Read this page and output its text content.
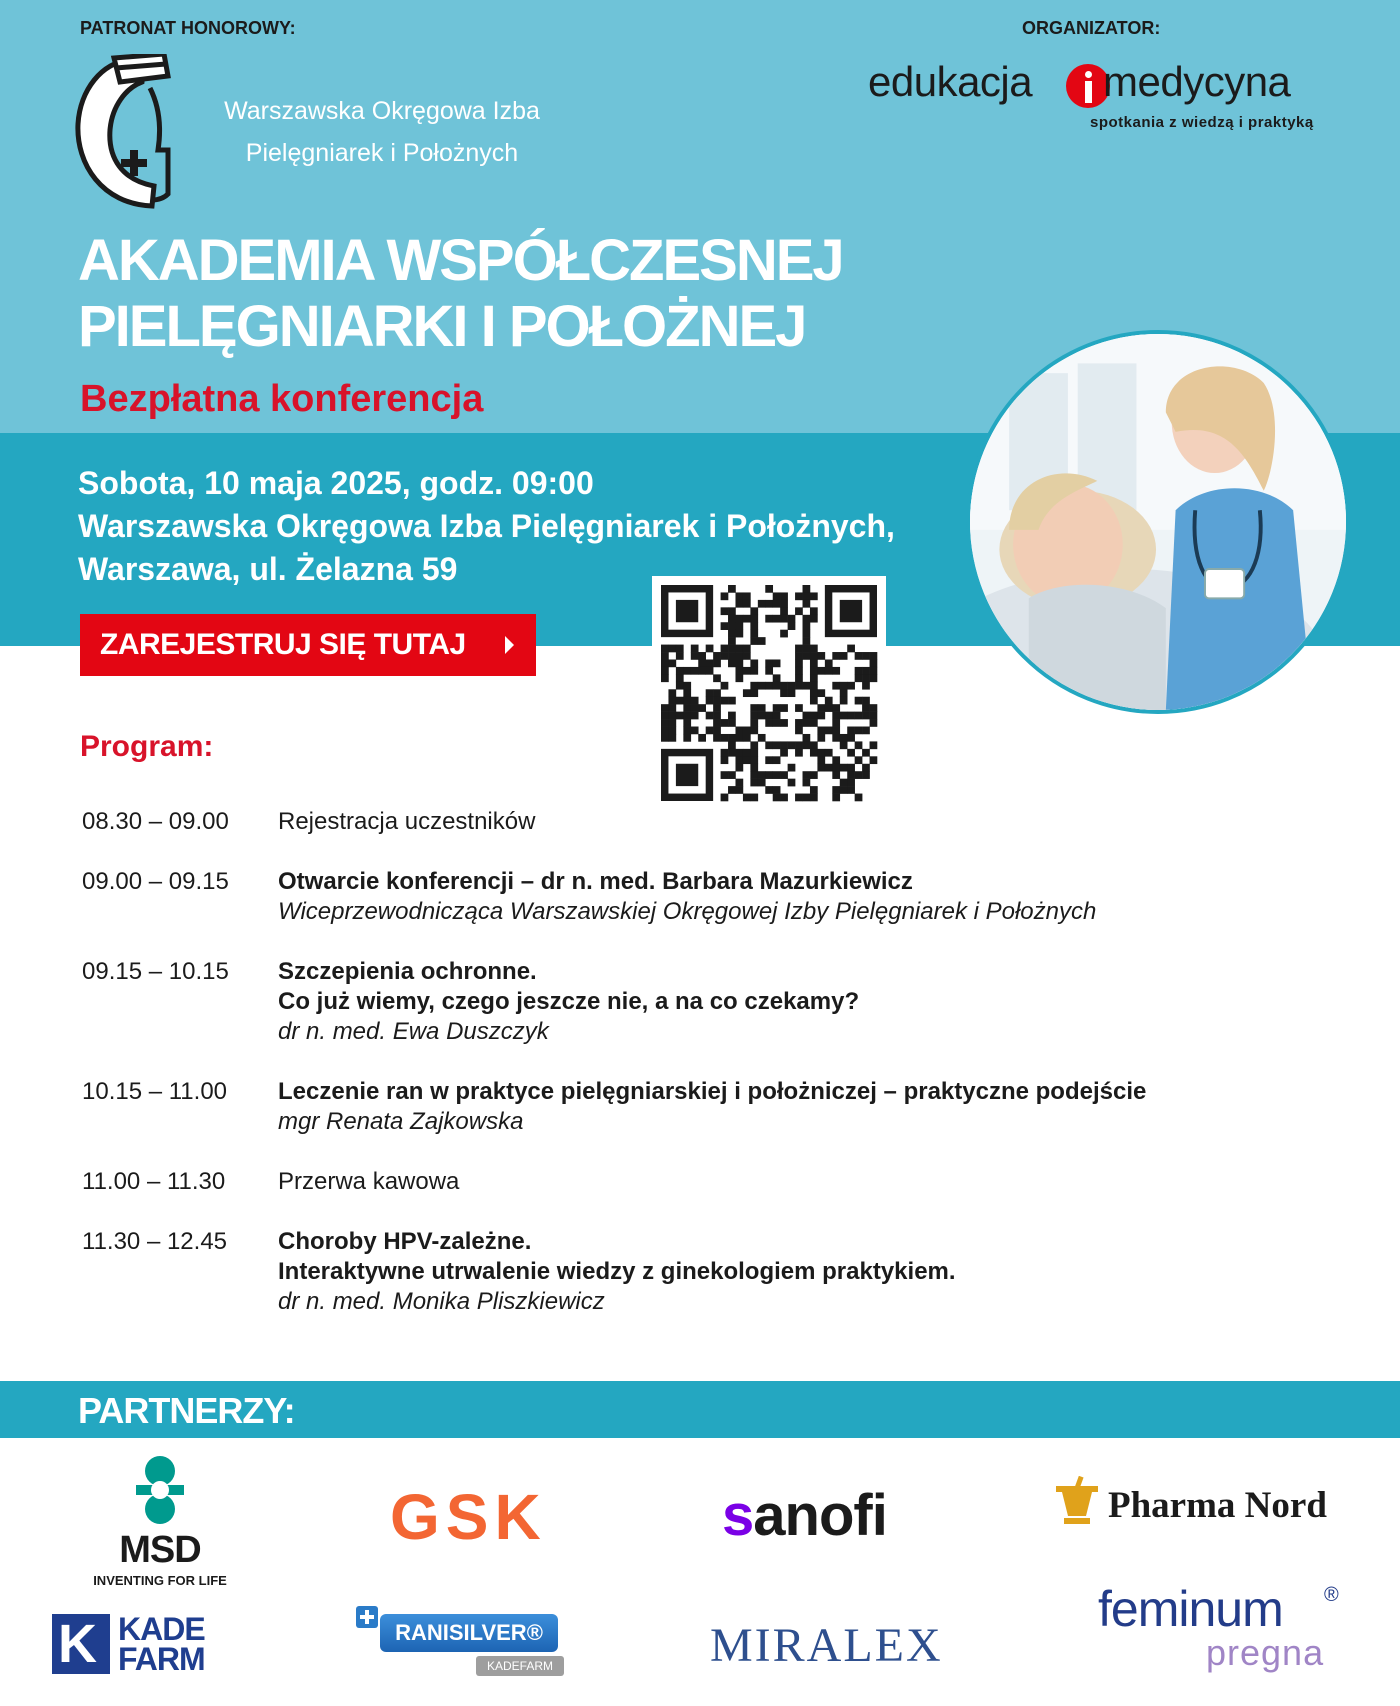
PATRONAT HONOROWY:	ORGANIZATOR:
Warszawska Okręgowa Izba
Pielęgniarek i Położnych
edukacja medycyna
spotkania z wiedzą i praktyką
AKADEMIA WSPÓŁCZESNEJ
PIELĘGNIARKI I POŁOŻNEJ
Bezpłatna konferencja
Sobota, 10 maja 2025, godz. 09:00
Warszawska Okręgowa Izba Pielęgniarek i Położnych,
Warszawa, ul. Żelazna 59
ZAREJESTRUJ SIĘ TUTAJ
Program:
08.30 – 09.00 Rejestracja uczestników
09.00 – 09.15 Otwarcie konferencji – dr n. med. Barbara Mazurkiewicz
Wiceprzewodnicząca Warszawskiej Okręgowej Izby Pielęgniarek i Położnych
09.15 – 10.15 Szczepienia ochronne.
Co już wiemy, czego jeszcze nie, a na co czekamy?
dr n. med. Ewa Duszczyk
10.15 – 11.00 Leczenie ran w praktyce pielęgniarskiej i położniczej – praktyczne podejście
mgr Renata Zajkowska
11.00 – 11.30 Przerwa kawowa
11.30 – 12.45 Choroby HPV-zależne.
Interaktywne utrwalenie wiedzy z ginekologiem praktykiem.
dr n. med. Monika Pliszkiewicz
PARTNERZY:
MSD
INVENTING FOR LIFE
GSK	sanofi	Pharma Nord
K KADE
FARM
RANISILVER®
KADEFARM	MIRALEX
feminum ®
pregna
